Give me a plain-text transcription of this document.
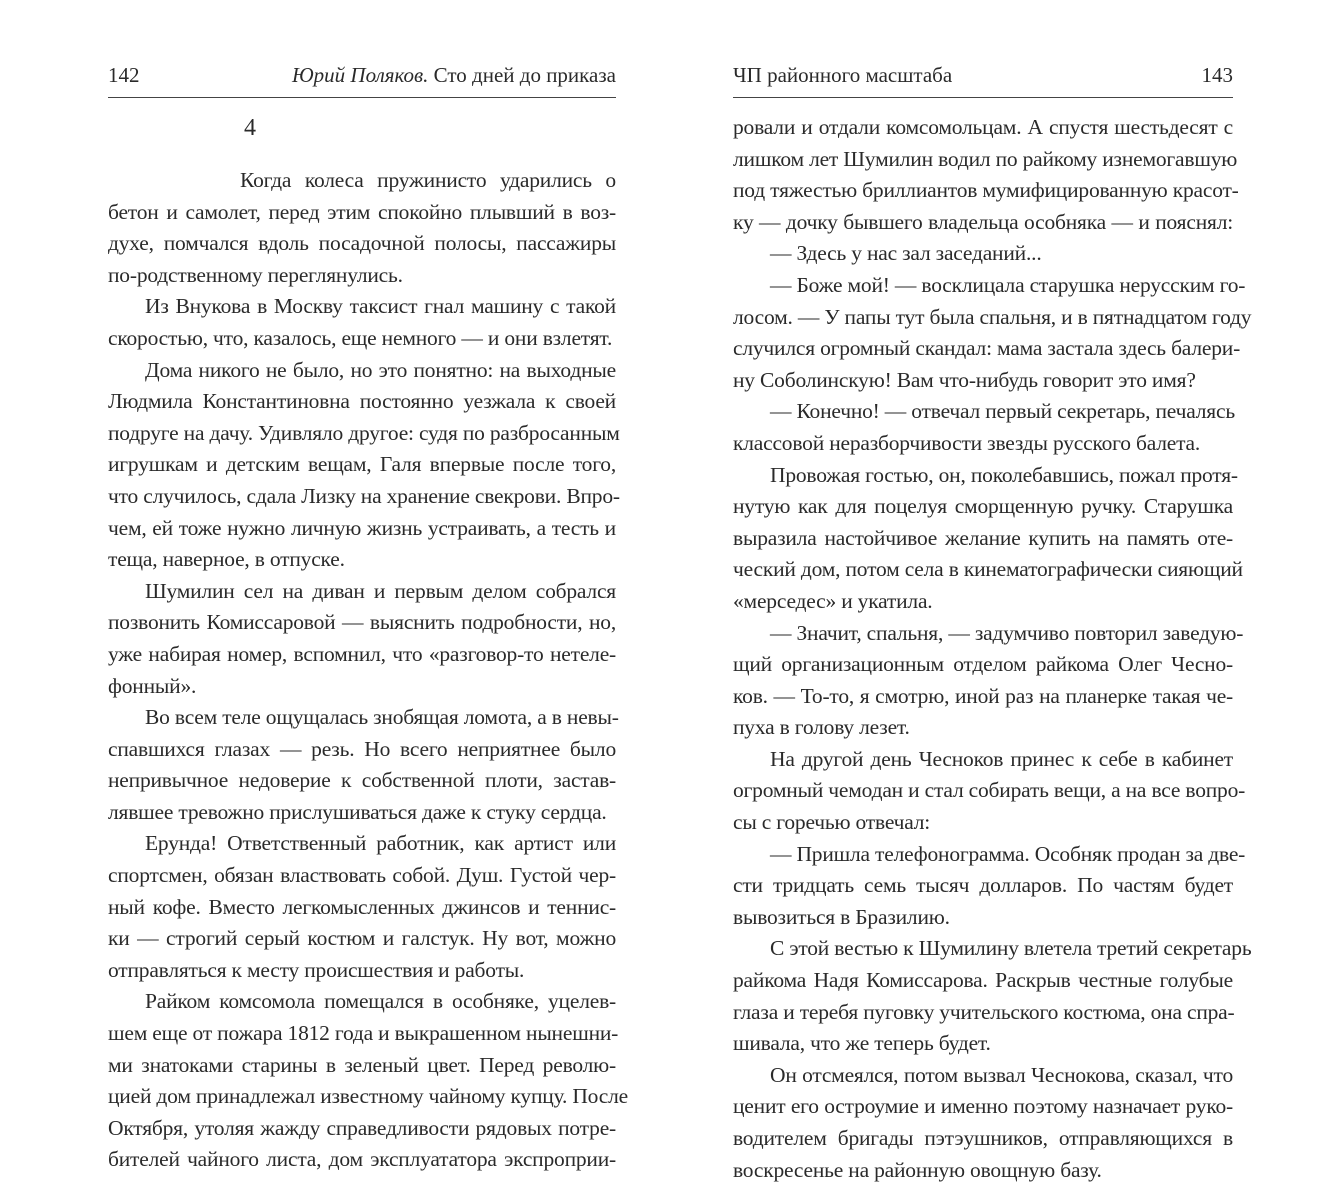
142	Юрий Поляков. Сто дней до приказа
4
Когда колеса пружинисто ударились о
бетон и самолет, перед этим спокойно плывший в воз-
духе, помчался вдоль посадочной полосы, пассажиры
по-родственному переглянулись.
Из Внукова в Москву таксист гнал машину с такой
скоростью, что, казалось, еще немного — и они взлетят.
Дома никого не было, но это понятно: на выходные
Людмила Константиновна постоянно уезжала к своей
подруге на дачу. Удивляло другое: судя по разбросанным
игрушкам и детским вещам, Галя впервые после того,
что случилось, сдала Лизку на хранение свекрови. Впро-
чем, ей тоже нужно личную жизнь устраивать, а тесть и
теща, наверное, в отпуске.
Шумилин сел на диван и первым делом собрался
позвонить Комиссаровой — выяснить подробности, но,
уже набирая номер, вспомнил, что «разговор-то нетеле-
фонный».
Во всем теле ощущалась знобящая ломота, а в невы-
спавшихся глазах — резь. Но всего неприятнее было
непривычное недоверие к собственной плоти, застав-
лявшее тревожно прислушиваться даже к стуку сердца.
Ерунда! Ответственный работник, как артист или
спортсмен, обязан властвовать собой. Душ. Густой чер-
ный кофе. Вместо легкомысленных джинсов и теннис-
ки — строгий серый костюм и галстук. Ну вот, можно
отправляться к месту происшествия и работы.
Райком комсомола помещался в особняке, уцелев-
шем еще от пожара 1812 года и выкрашенном нынешни-
ми знатоками старины в зеленый цвет. Перед револю-
цией дом принадлежал известному чайному купцу. После
Октября, утоляя жажду справедливости рядовых потре-
бителей чайного листа, дом эксплуататора экспроприи-
ЧП районного масштаба	143
ровали и отдали комсомольцам. А спустя шестьдесят с
лишком лет Шумилин водил по райкому изнемогавшую
под тяжестью бриллиантов мумифицированную красот-
ку — дочку бывшего владельца особняка — и пояснял:
— Здесь у нас зал заседаний...
— Боже мой! — восклицала старушка нерусским го-
лосом. — У папы тут была спальня, и в пятнадцатом году
случился огромный скандал: мама застала здесь балери-
ну Соболинскую! Вам что-нибудь говорит это имя?
— Конечно! — отвечал первый секретарь, печалясь
классовой неразборчивости звезды русского балета.
Провожая гостью, он, поколебавшись, пожал протя-
нутую как для поцелуя сморщенную ручку. Старушка
выразила настойчивое желание купить на память оте-
ческий дом, потом села в кинематографически сияющий
«мерседес» и укатила.
— Значит, спальня, — задумчиво повторил заведую-
щий организационным отделом райкома Олег Чесно-
ков. — То-то, я смотрю, иной раз на планерке такая че-
пуха в голову лезет.
На другой день Чесноков принес к себе в кабинет
огромный чемодан и стал собирать вещи, а на все вопро-
сы с горечью отвечал:
— Пришла телефонограмма. Особняк продан за две-
сти тридцать семь тысяч долларов. По частям будет
вывозиться в Бразилию.
С этой вестью к Шумилину влетела третий секретарь
райкома Надя Комиссарова. Раскрыв честные голубые
глаза и теребя пуговку учительского костюма, она спра-
шивала, что же теперь будет.
Он отсмеялся, потом вызвал Чеснокова, сказал, что
ценит его остроумие и именно поэтому назначает руко-
водителем бригады пэтэушников, отправляющихся в
воскресенье на районную овощную базу.
